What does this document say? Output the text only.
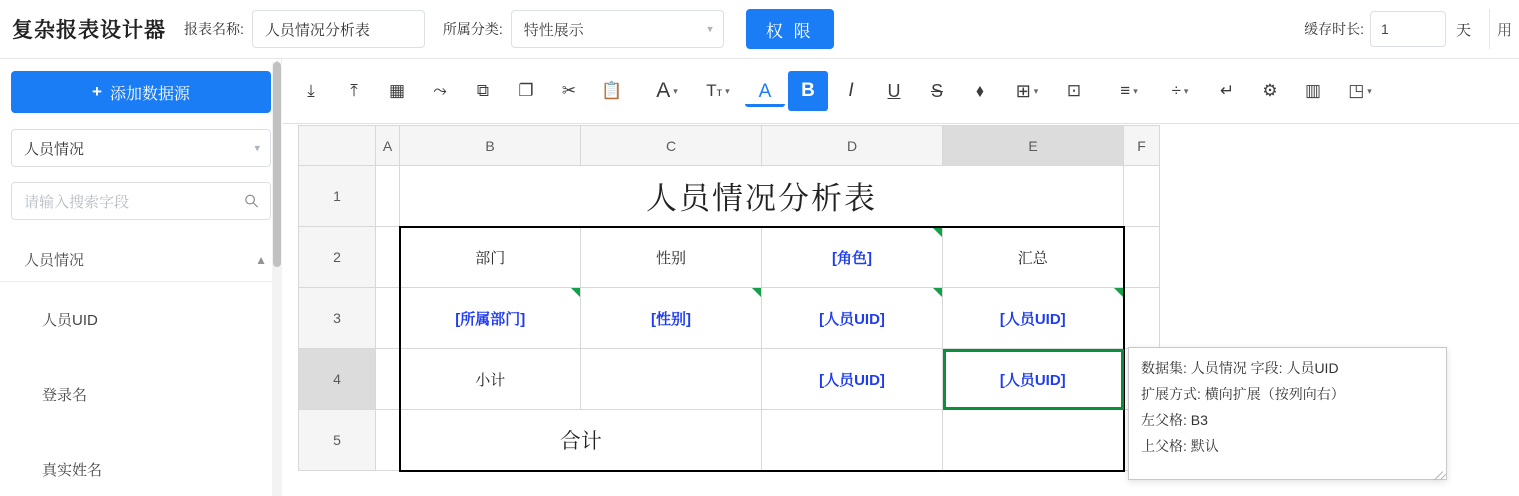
复杂报表设计器 报表名称:	人员情况分析表	所属分类: 特性展示	▾	权 限	缓存时长:	1	天	用
+ 添加数据源
人员情况	▾
请输入搜索字段
人员情况	▲
人员UID
登录名
真实姓名
⤓	⤒	▦	⤳	⧉	❐	✂	📋	A ▾ Tт ▾ A B I U S	⬧	⊞ ▾	⊡	≡ ▾ ÷ ▾	↵	⚙	▥	◳ ▾
	A	B	C	D	E	F
1		人员情况分析表				
2		部门	性别	[角色]	汇总	

3		[所属部门]	[性别]	[人员UID]	[人员UID]	

4		小计		[人员UID]	[人员UID]	

5		合计				

数据集: 人员情况 字段: 人员UID
扩展方式: 横向扩展（按列向右）
左父格: B3
上父格: 默认
